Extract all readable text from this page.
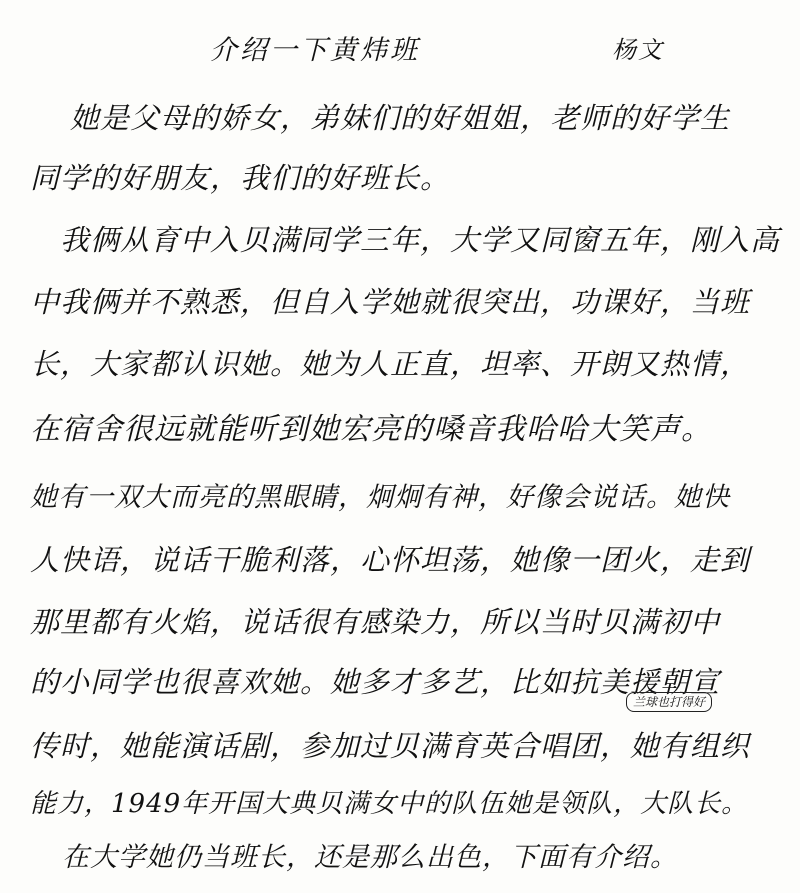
介绍一下黄炜班	杨文
她是父母的娇女，弟妹们的好姐姐，老师的好学生
同学的好朋友，我们的好班长。
我俩从育中入贝满同学三年，大学又同窗五年，刚入高
中我俩并不熟悉，但自入学她就很突出，功课好，当班
长，大家都认识她。她为人正直，坦率、开朗又热情，
在宿舍很远就能听到她宏亮的嗓音我哈哈大笑声。
她有一双大而亮的黑眼睛，炯炯有神，好像会说话。她快
人快语，说话干脆利落，心怀坦荡，她像一团火，走到
那里都有火焰，说话很有感染力，所以当时贝满初中
的小同学也很喜欢她。她多才多艺，比如抗美援朝宣
兰球也打得好
传时，她能演话剧，参加过贝满育英合唱团，她有组织
能力，1949年开国大典贝满女中的队伍她是领队，大队长。
在大学她仍当班长，还是那么出色，下面有介绍。
